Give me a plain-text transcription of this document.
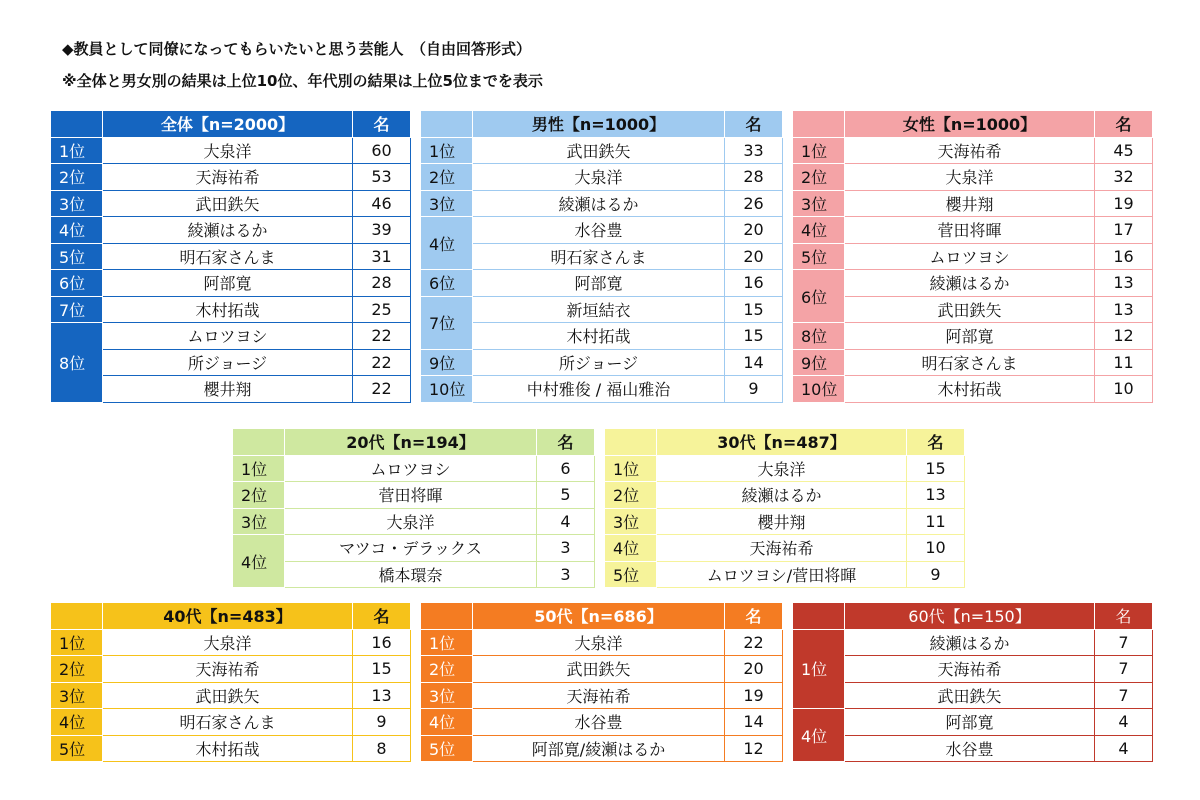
◆教員として同僚になってもらいたいと思う芸能人　（自由回答形式）
※全体と男女別の結果は上位10位、年代別の結果は上位5位までを表示
	全体【n=2000】	名
1位	大泉洋	60
2位	天海祐希	53
3位	武田鉄矢	46
4位	綾瀬はるか	39
5位	明石家さんま	31
6位	阿部寛	28
7位	木村拓哉	25
8位	ムロツヨシ	22
	所ジョージ	22
	櫻井翔	22
	男性【n=1000】	名
1位	武田鉄矢	33
2位	大泉洋	28
3位	綾瀬はるか	26
4位	水谷豊	20
	明石家さんま	20
6位	阿部寛	16
7位	新垣結衣	15
	木村拓哉	15
9位	所ジョージ	14
10位	中村雅俊 / 福山雅治	9
	女性【n=1000】	名
1位	天海祐希	45
2位	大泉洋	32
3位	櫻井翔	19
4位	菅田将暉	17
5位	ムロツヨシ	16
6位	綾瀬はるか	13
	武田鉄矢	13
8位	阿部寛	12
9位	明石家さんま	11
10位	木村拓哉	10
	20代【n=194】	名
1位	ムロツヨシ	6
2位	菅田将暉	5
3位	大泉洋	4
4位	マツコ・デラックス	3
	橋本環奈	3
	30代【n=487】	名
1位	大泉洋	15
2位	綾瀬はるか	13
3位	櫻井翔	11
4位	天海祐希	10
5位	ムロツヨシ/菅田将暉	9
	40代【n=483】	名
1位	大泉洋	16
2位	天海祐希	15
3位	武田鉄矢	13
4位	明石家さんま	9
5位	木村拓哉	8
	50代【n=686】	名
1位	大泉洋	22
2位	武田鉄矢	20
3位	天海祐希	19
4位	水谷豊	14
5位	阿部寛/綾瀬はるか	12
	60代【n=150】	名
1位	綾瀬はるか	7
	天海祐希	7
	武田鉄矢	7
4位	阿部寛	4
	水谷豊	4
